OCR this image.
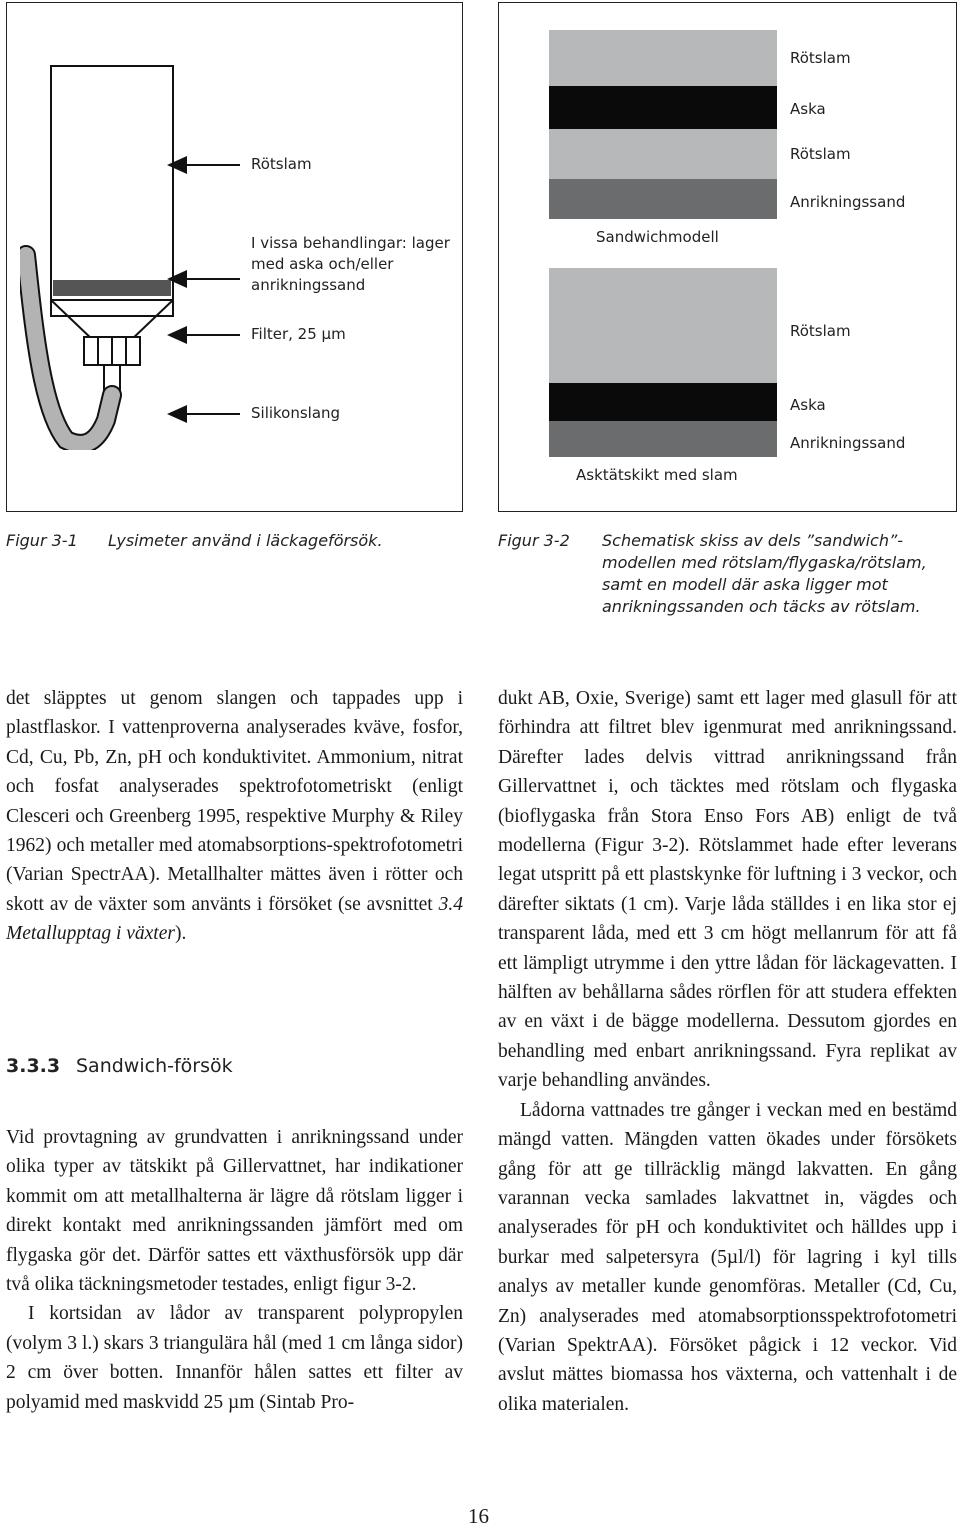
Rötslam
I vissa behandlingar: lager med aska och/eller anrikningssand
Filter, 25 µm
Silikonslang
Rötslam
Aska
Rötslam
Anrikningssand
Sandwichmodell
Rötslam
Aska
Anrikningssand
Asktätskikt med slam
Figur 3-1 Lysimeter använd i läckageförsök.	Figur 3-2 Schematisk skiss av dels ”sandwich”-modellen med rötslam/flygaska/rötslam, samt en modell där aska ligger mot anrikningssanden och täcks av rötslam.

det släpptes ut genom slangen och tappades upp i plastflaskor. I vattenproverna analyserades kväve, fosfor, Cd, Cu, Pb, Zn, pH och konduktivitet. Ammonium, nitrat och fosfat analyserades spektrofotometriskt (enligt Clesceri och Greenberg 1995, respektive Murphy & Riley 1962) och metaller med atomabsorptions-spektrofotometri (Varian SpectrAA). Metallhalter mättes även i rötter och skott av de växter som använts i försöket (se avsnittet 3.4 Metallupptag i växter).

3.3.3 Sandwich-försök

Vid provtagning av grundvatten i anrikningssand under olika typer av tätskikt på Gillervattnet, har indikationer kommit om att metallhalterna är lägre då rötslam ligger i direkt kontakt med anrikningssanden jämfört med om flygaska gör det. Därför sattes ett växthusförsök upp där två olika täckningsmetoder testades, enligt figur 3-2.

I kortsidan av lådor av transparent polypropylen (volym 3 l.) skars 3 triangulära hål (med 1 cm långa sidor) 2 cm över botten. Innanför hålen sattes ett filter av polyamid med maskvidd 25 µm (Sintab Pro-

dukt AB, Oxie, Sverige) samt ett lager med glasull för att förhindra att filtret blev igenmurat med anrikningssand. Därefter lades delvis vittrad anrikningssand från Gillervattnet i, och täcktes med rötslam och flygaska (bioflygaska från Stora Enso Fors AB) enligt de två modellerna (Figur 3-2). Rötslammet hade efter leverans legat utspritt på ett plastskynke för luftning i 3 veckor, och därefter siktats (1 cm). Varje låda ställdes i en lika stor ej transparent låda, med ett 3 cm högt mellanrum för att få ett lämpligt utrymme i den yttre lådan för läckagevatten. I hälften av behållarna sådes rörflen för att studera effekten av en växt i de bägge modellerna. Dessutom gjordes en behandling med enbart anrikningssand. Fyra replikat av varje behandling användes.

Lådorna vattnades tre gånger i veckan med en bestämd mängd vatten. Mängden vatten ökades under försökets gång för att ge tillräcklig mängd lakvatten. En gång varannan vecka samlades lakvattnet in, vägdes och analyserades för pH och konduktivitet och hälldes upp i burkar med salpetersyra (5µl/l) för lagring i kyl tills analys av metaller kunde genomföras. Metaller (Cd, Cu, Zn) analyserades med atomabsorptionsspektrofotometri (Varian SpektrAA). Försöket pågick i 12 veckor. Vid avslut mättes biomassa hos växterna, och vattenhalt i de olika materialen.

16
